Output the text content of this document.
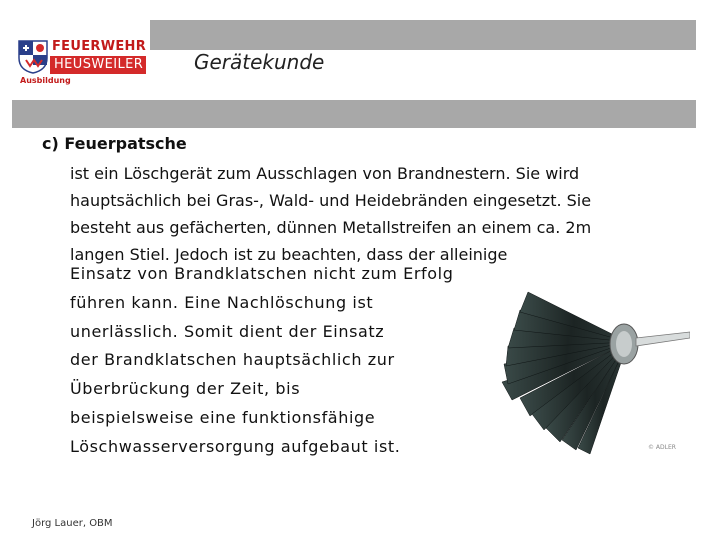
FEUERWEHR
HEUSWEILER
Ausbildung
Gerätekunde
c) Feuerpatsche
ist ein Löschgerät zum Ausschlagen von Brandnestern. Sie wird
hauptsächlich bei Gras-, Wald- und Heidebränden eingesetzt. Sie
besteht aus gefächerten, dünnen Metallstreifen an einem ca. 2m
langen Stiel. Jedoch ist zu beachten, dass der alleinige
Einsatz von Brandklatschen nicht zum Erfolg
führen kann. Eine Nachlöschung ist
unerlässlich. Somit dient der Einsatz
der Brandklatschen hauptsächlich zur
Überbrückung der Zeit, bis
beispielsweise eine funktionsfähige
Löschwasserversorgung aufgebaut ist.	© ADLER
Jörg Lauer, OBM
